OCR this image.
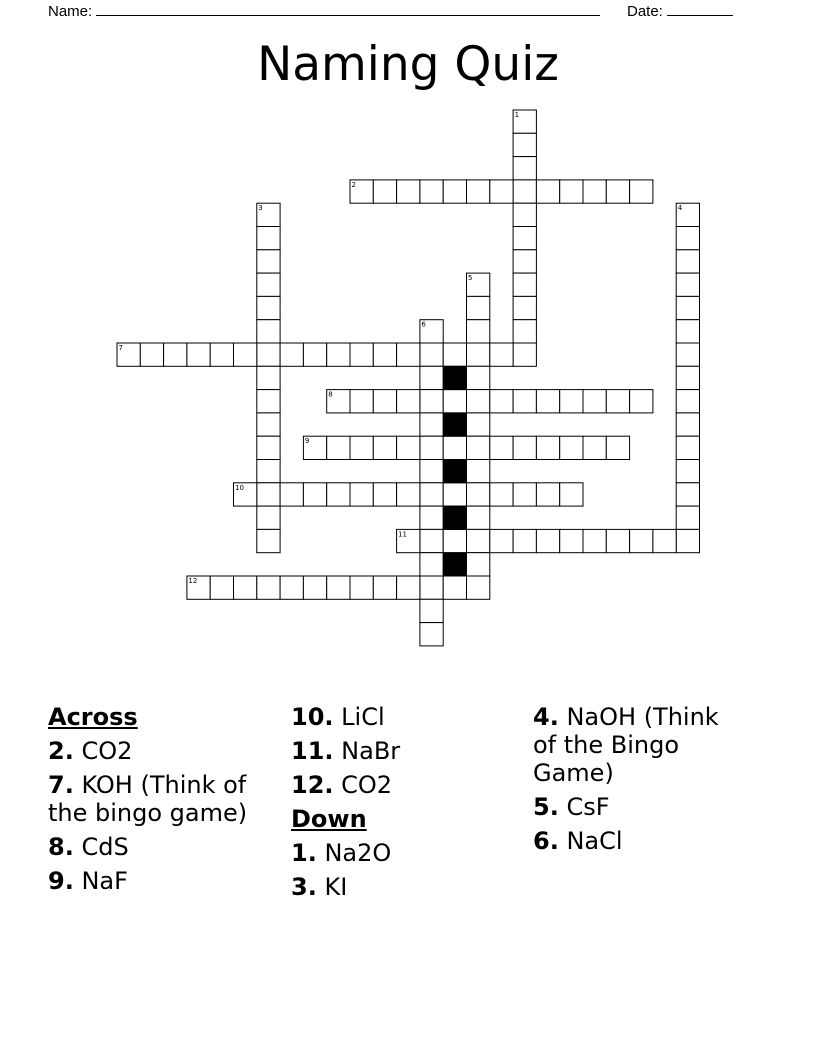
Name:	Date:
Naming Quiz
1
2
3	4
5
6
7
8
9
10
11
12
Across
2. CO2
7. KOH (Think of the bingo game)
8. CdS
9. NaF
10. LiCl
11. NaBr
12. CO2
Down
1. Na2O
3. KI
4. NaOH (Think of the Bingo Game)
5. CsF
6. NaCl
